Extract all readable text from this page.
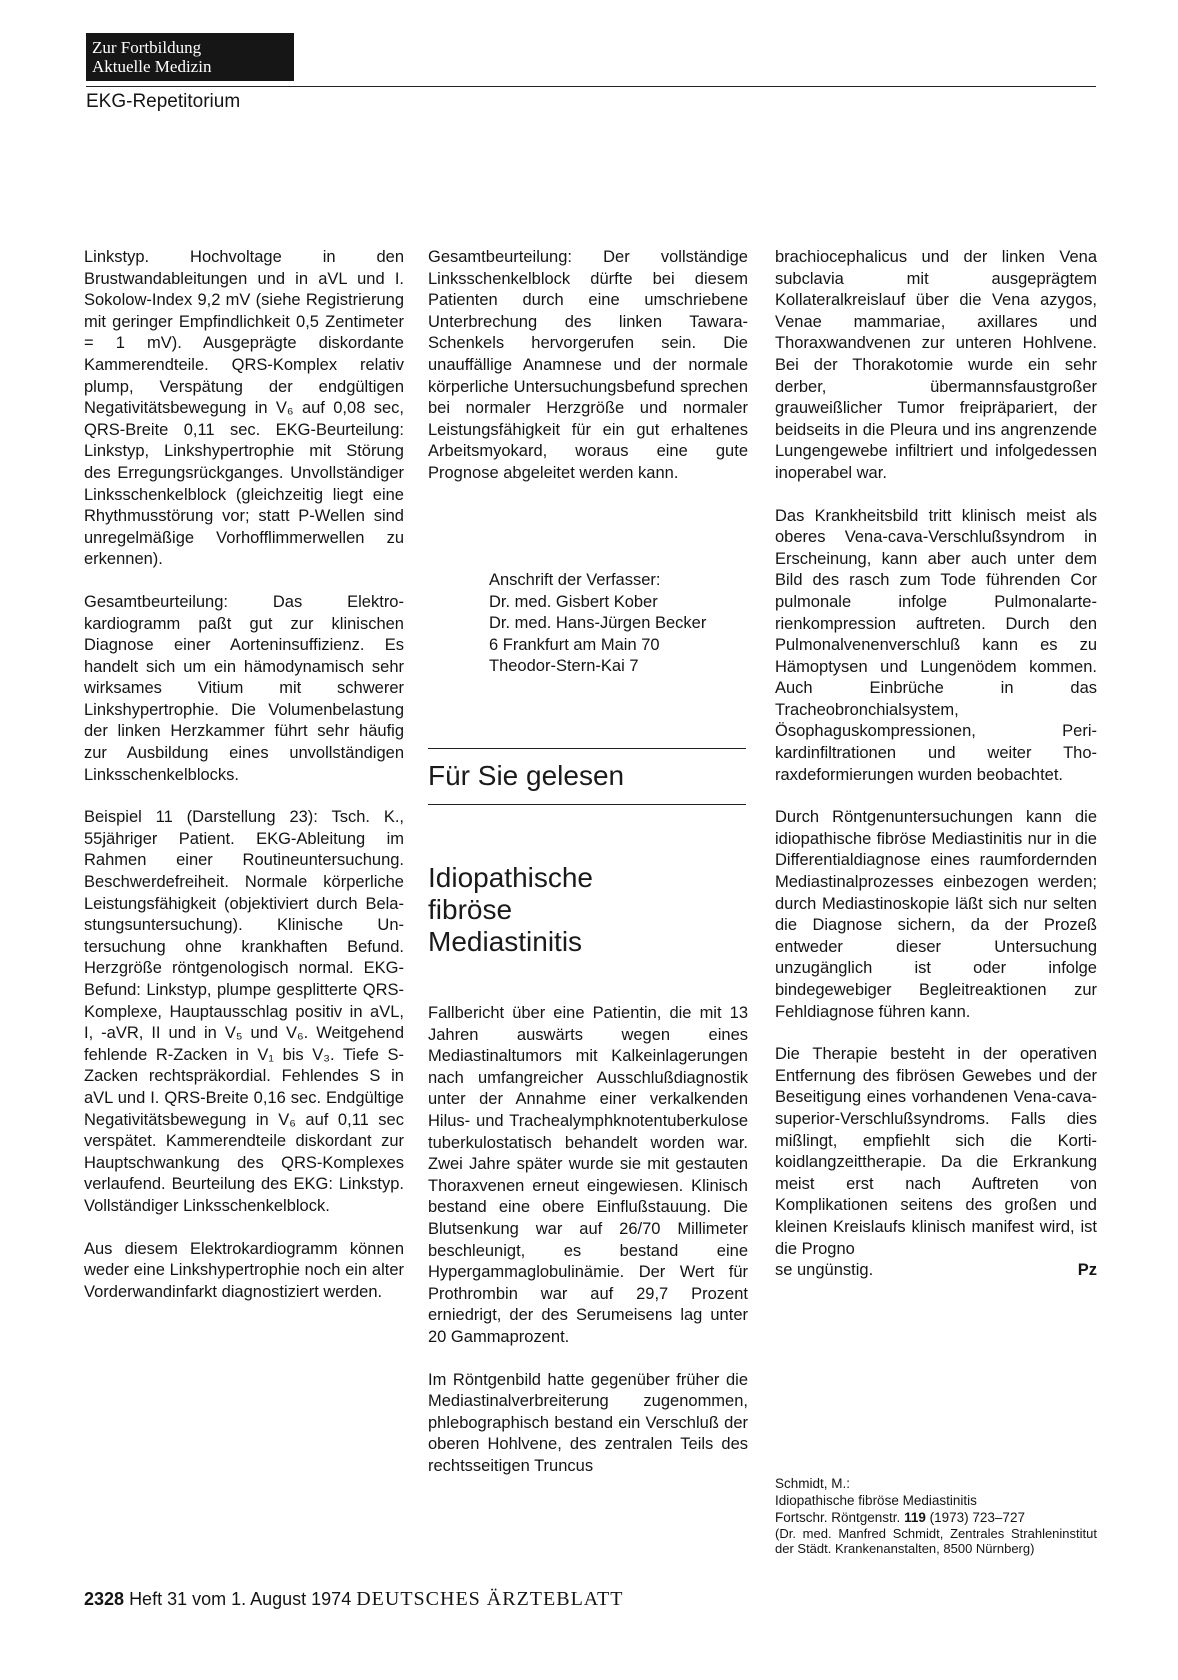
Zur Fortbildung
Aktuelle Medizin
EKG-Repetitorium

Linkstyp. Hochvoltage in den Brustwandableitungen und in aVL und I. Sokolow-Index 9,2 mV (siehe Registrierung mit geringer Empfindlichkeit 0,5 Zentimeter = 1 mV). Ausgeprägte diskordante Kammerendteile. QRS-Komplex relativ plump, Verspätung der endgültigen Negativitätsbewegung in V₆ auf 0,08 sec, QRS-Breite 0,11 sec. EKG-Beurteilung: Linkstyp, Linkshypertrophie mit Störung des Erregungsrückganges. Unvollständiger Linksschenkelblock (gleichzeitig liegt eine Rhythmusstörung vor; statt P-Wellen sind unregelmäßige Vorhofflimmerwellen zu erkennen).

Gesamtbeurteilung: Das Elektrokardiogramm paßt gut zur klinischen Diagnose einer Aorteninsuffizienz. Es handelt sich um ein hämodynamisch sehr wirksames Vitium mit schwerer Linkshypertrophie. Die Volumenbelastung der linken Herzkammer führt sehr häufig zur Ausbildung eines unvollständigen Linksschenkelblocks.

Beispiel 11 (Darstellung 23): Tsch. K., 55jähriger Patient. EKG-Ableitung im Rahmen einer Routineuntersuchung. Beschwerdefreiheit. Normale körperliche Leistungsfähigkeit (objektiviert durch Belastungsuntersuchung). Klinische Untersuchung ohne krankhaften Befund. Herzgröße röntgenologisch normal. EKG-Befund: Linkstyp, plumpe gesplitterte QRS-Komplexe, Hauptausschlag positiv in aVL, I, -aVR, II und in V₅ und V₆. Weitgehend fehlende R-Zacken in V₁ bis V₃. Tiefe S-Zacken rechtspräkordial. Fehlendes S in aVL und I. QRS-Breite 0,16 sec. Endgültige Negativitätsbewegung in V₆ auf 0,11 sec verspätet. Kammerendteile diskordant zur Hauptschwankung des QRS-Komplexes verlaufend. Beurteilung des EKG: Linkstyp. Vollständiger Linksschenkelblock.

Aus diesem Elektrokardiogramm können weder eine Linkshypertrophie noch ein alter Vorderwandinfarkt diagnostiziert werden.

Gesamtbeurteilung: Der vollständige Linksschenkelblock dürfte bei diesem Patienten durch eine umschriebene Unterbrechung des linken Tawara-Schenkels hervorgerufen sein. Die unauffällige Anamnese und der normale körperliche Untersuchungsbefund sprechen bei normaler Herzgröße und normaler Leistungsfähigkeit für ein gut erhaltenes Arbeitsmyokard, woraus eine gute Prognose abgeleitet werden kann.

Anschrift der Verfasser:
Dr. med. Gisbert Kober
Dr. med. Hans-Jürgen Becker
6 Frankfurt am Main 70
Theodor-Stern-Kai 7
Für Sie gelesen
Idiopathische
fibröse
Mediastinitis

Fallbericht über eine Patientin, die mit 13 Jahren auswärts wegen eines Mediastinaltumors mit Kalkeinlagerungen nach umfangreicher Ausschlußdiagnostik unter der Annahme einer verkalkenden Hilus- und Trachealymphknotentuberkulose tuberkulostatisch behandelt worden war. Zwei Jahre später wurde sie mit gestauten Thoraxvenen erneut eingewiesen. Klinisch bestand eine obere Einflußstauung. Die Blutsenkung war auf 26/70 Millimeter beschleunigt, es bestand eine Hypergammaglobulinämie. Der Wert für Prothrombin war auf 29,7 Prozent erniedrigt, der des Serumeisens lag unter 20 Gammaprozent.

Im Röntgenbild hatte gegenüber früher die Mediastinalverbreiterung zugenommen, phlebographisch bestand ein Verschluß der oberen Hohlvene, des zentralen Teils des rechtsseitigen Truncus

brachiocephalicus und der linken Vena subclavia mit ausgeprägtem Kollateralkreislauf über die Vena azygos, Venae mammariae, axillares und Thoraxwandvenen zur unteren Hohlvene. Bei der Thorakotomie wurde ein sehr derber, übermannsfaustgroßer grauweißlicher Tumor freipräpariert, der beidseits in die Pleura und ins angrenzende Lungengewebe infiltriert und infolgedessen inoperabel war.

Das Krankheitsbild tritt klinisch meist als oberes Vena-cava-Verschlußsyndrom in Erscheinung, kann aber auch unter dem Bild des rasch zum Tode führenden Cor pulmonale infolge Pulmonalarterienkompression auftreten. Durch den Pulmonalvenenverschluß kann es zu Hämoptysen und Lungenödem kommen. Auch Einbrüche in das Tracheobronchialsystem, Ösophaguskompressionen, Perikardinfiltrationen und weiter Thoraxdeformierungen wurden beobachtet.

Durch Röntgenuntersuchungen kann die idiopathische fibröse Mediastinitis nur in die Differentialdiagnose eines raumfordernden Mediastinalprozesses einbezogen werden; durch Mediastinoskopie läßt sich nur selten die Diagnose sichern, da der Prozeß entweder dieser Untersuchung unzugänglich ist oder infolge bindegewebiger Begleitreaktionen zur Fehldiagnose führen kann.

Die Therapie besteht in der operativen Entfernung des fibrösen Gewebes und der Beseitigung eines vorhandenen Vena-cava-superior-Verschlußsyndroms. Falls dies mißlingt, empfiehlt sich die Kortikoidlangzeittherapie. Da die Erkrankung meist erst nach Auftreten von Komplikationen seitens des großen und kleinen Kreislaufs klinisch manifest wird, ist die Progno

se ungünstig.	Pz
Schmidt, M.:
Idiopathische fibröse Mediastinitis
Fortschr. Röntgenstr. 119 (1973) 723–727
(Dr. med. Manfred Schmidt, Zentrales Strahleninstitut der Städt. Krankenanstalten, 8500 Nürnberg)
2328 Heft 31 vom 1. August 1974 DEUTSCHES ÄRZTEBLATT
